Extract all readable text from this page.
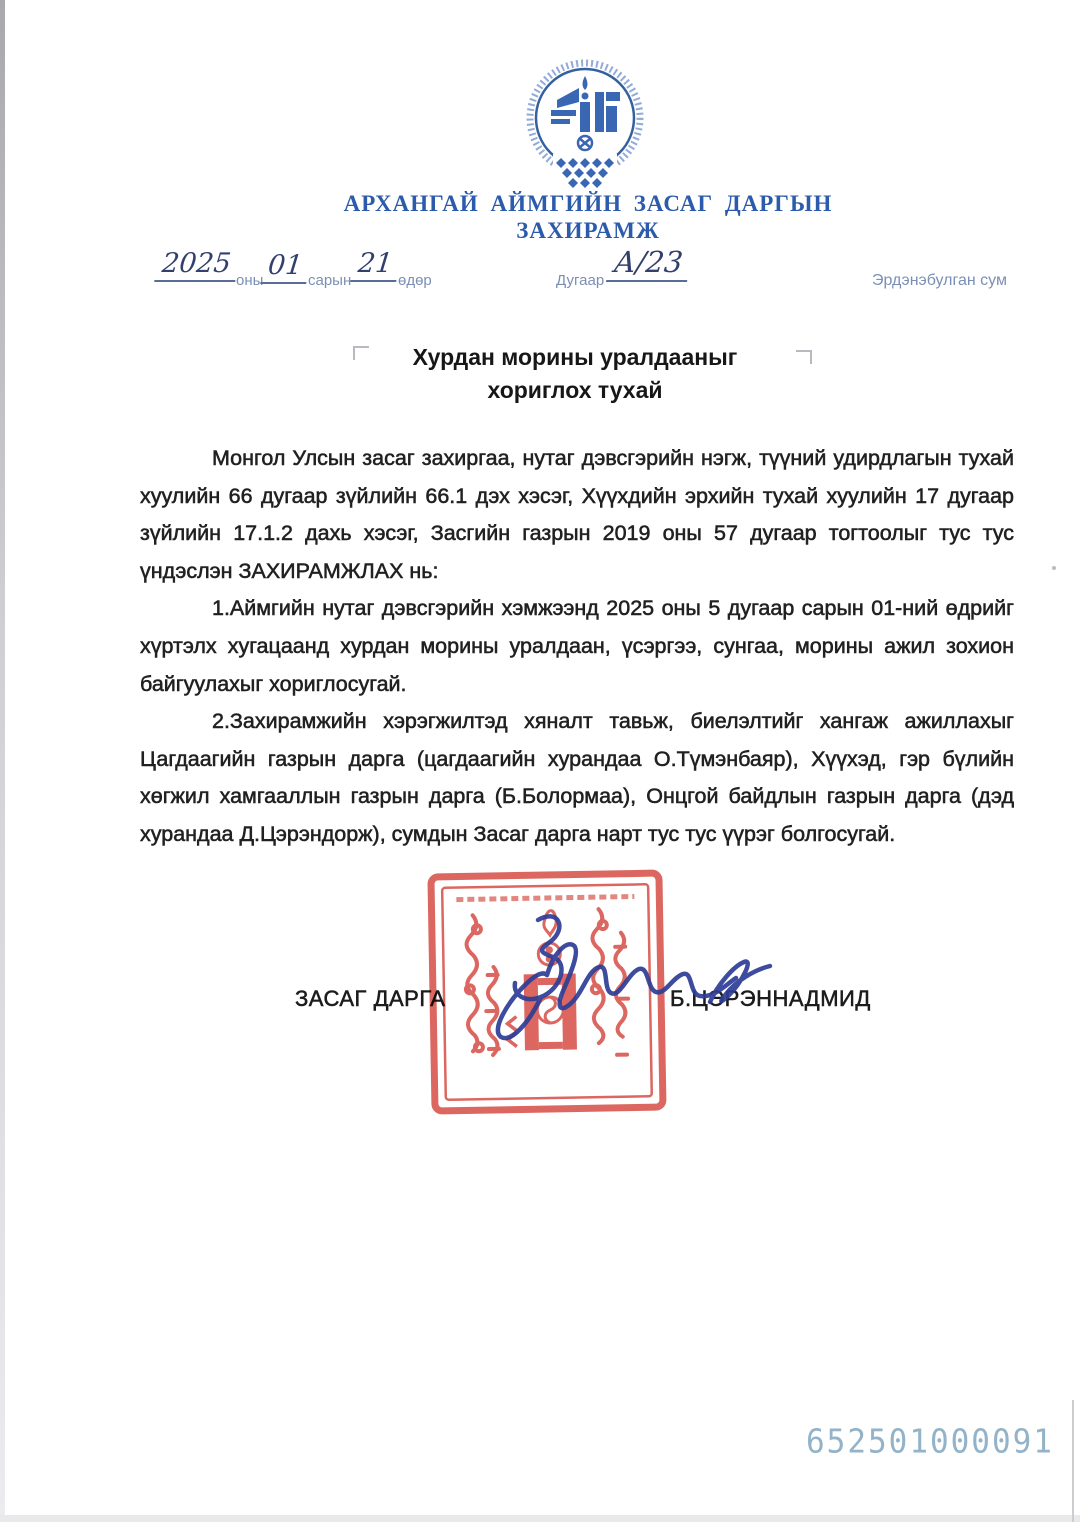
АРХАНГАЙ АЙМГИЙН ЗАСАГ ДАРГЫН
ЗАХИРАМЖ
2025
оны 01 сарын
21
өдөр	Дугаар
А/23
Эрдэнэбулган сум
Хурдан морины уралдааныг
хориглох тухай

Монгол Улсын засаг захиргаа, нутаг дэвсгэрийн нэгж, түүний удирдлагын тухай хуулийн 66 дугаар зүйлийн 66.1 дэх хэсэг, Хүүхдийн эрхийн тухай хуулийн 17 дугаар зүйлийн 17.1.2 дахь хэсэг, Засгийн газрын 2019 оны 57 дугаар тогтоолыг тус тус үндэслэн ЗАХИРАМЖЛАХ нь:

1.Аймгийн нутаг дэвсгэрийн хэмжээнд 2025 оны 5 дугаар сарын 01-ний өдрийг хүртэлх хугацаанд хурдан морины уралдаан, үсэргээ, сунгаа, морины ажил зохион байгуулахыг хориглосугай.

2.Захирамжийн хэрэгжилтэд хяналт тавьж, биелэлтийг хангаж ажиллахыг Цагдаагийн газрын дарга (цагдаагийн хурандаа О.Түмэнбаяр), Хүүхэд, гэр бүлийн хөгжил хамгааллын газрын дарга (Б.Болормаа), Онцгой байдлын газрын дарга (дэд хурандаа Д.Цэрэндорж), сумдын Засаг дарга нарт тус тус үүрэг болгосугай.

ЗАСАГ ДАРГА	Б.ЦЭРЭННАДМИД
652501000091
